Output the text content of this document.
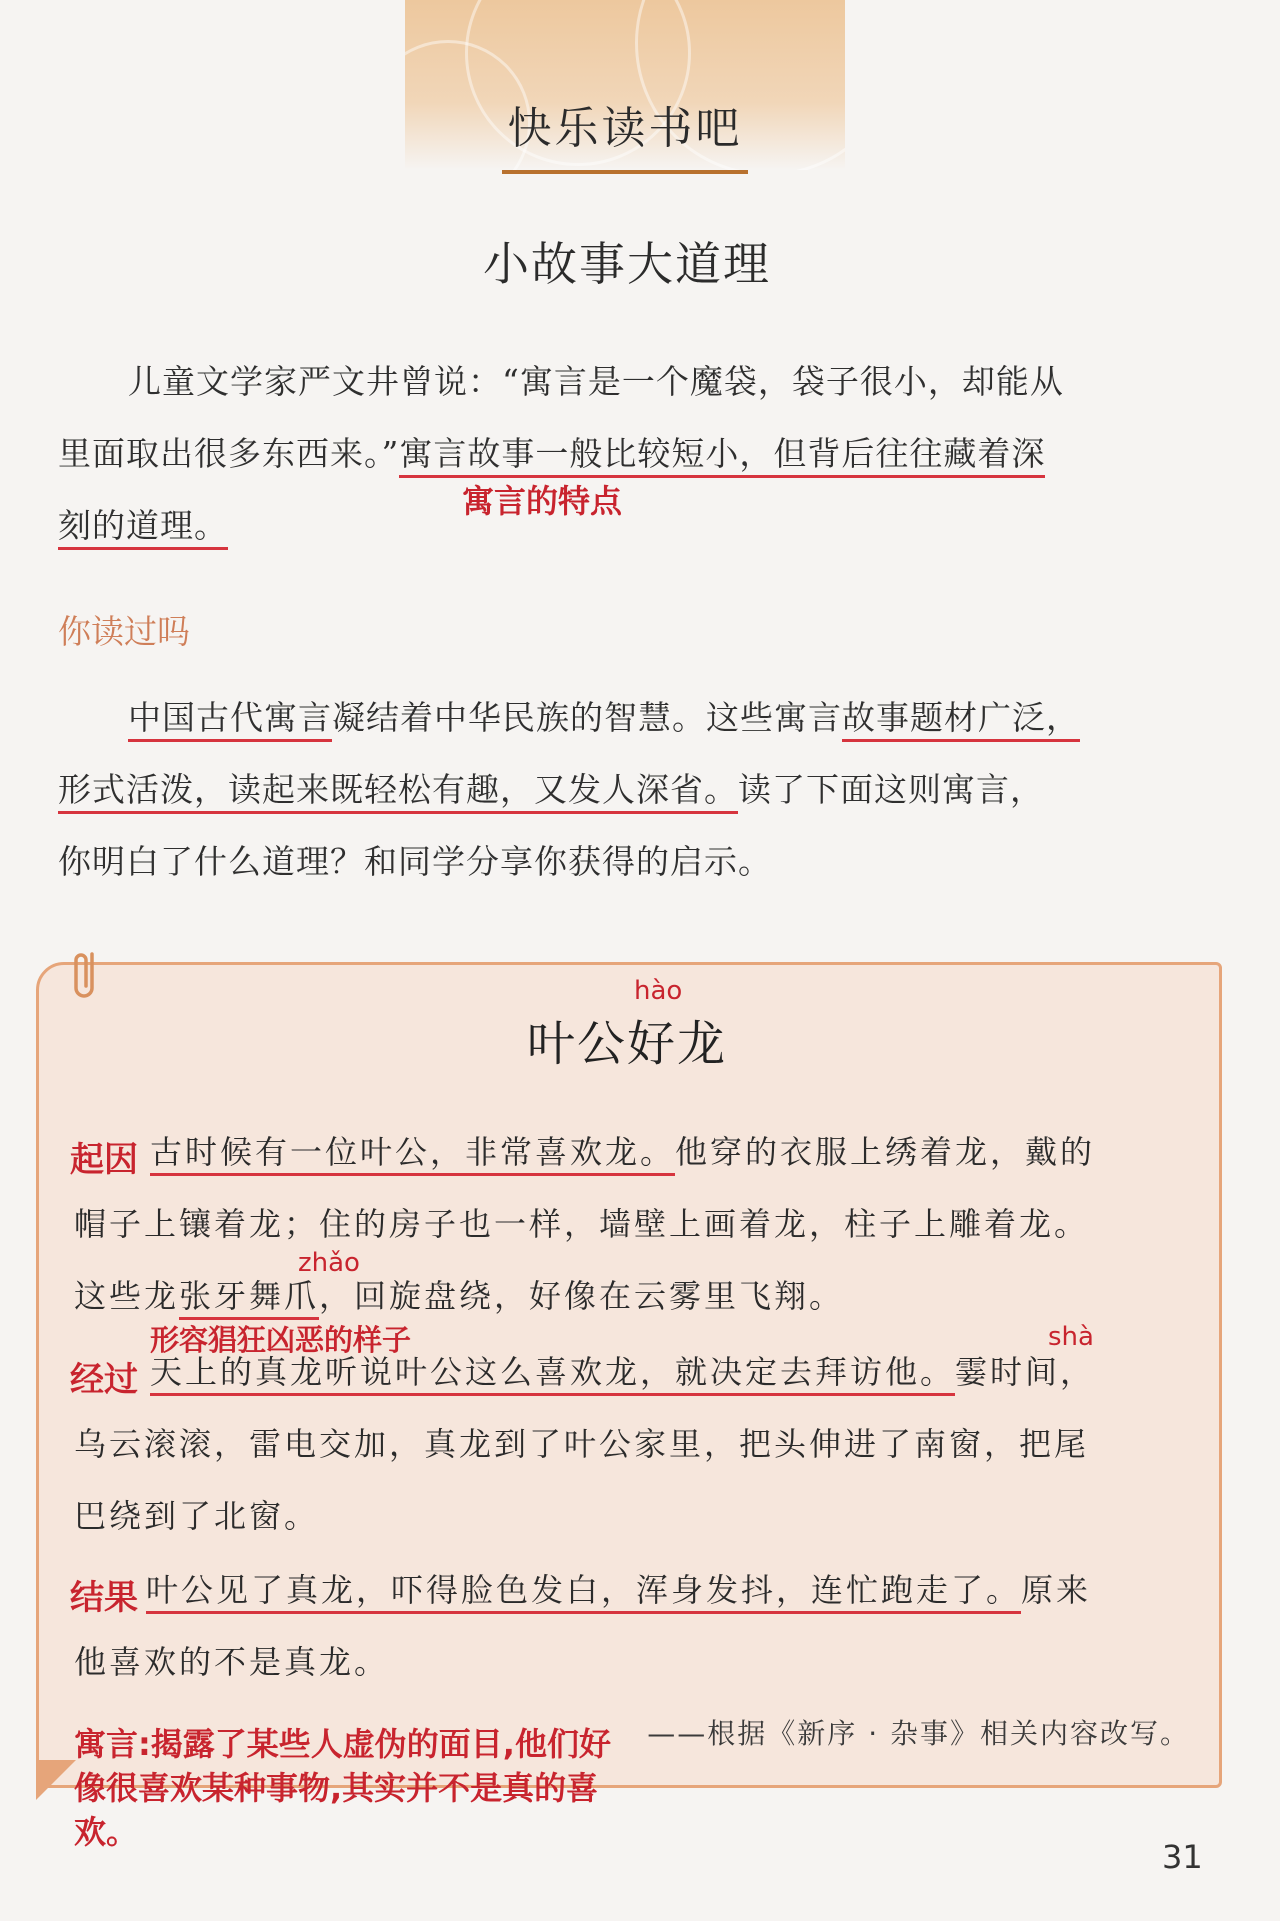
快乐读书吧
小故事大道理
儿童文学家严文井曾说：“寓言是一个魔袋，袋子很小，却能从
里面取出很多东西来。”寓言故事一般比较短小，但背后往往藏着深
刻的道理。
寓言的特点
你读过吗
中国古代寓言凝结着中华民族的智慧。这些寓言故事题材广泛，
形式活泼，读起来既轻松有趣，又发人深省。读了下面这则寓言，
你明白了什么道理？和同学分享你获得的启示。
hào
叶公好龙
起因 古时候有一位叶公，非常喜欢龙。他穿的衣服上绣着龙，戴的
帽子上镶着龙；住的房子也一样，墙壁上画着龙，柱子上雕着龙。
zhǎo
这些龙张牙舞爪，回旋盘绕，好像在云雾里飞翔。
形容猖狂凶恶的样子
经过
shà
天上的真龙听说叶公这么喜欢龙，就决定去拜访他。霎时间，
乌云滚滚，雷电交加，真龙到了叶公家里，把头伸进了南窗，把尾
巴绕到了北窗。
结果 叶公见了真龙，吓得脸色发白，浑身发抖，连忙跑走了。原来
他喜欢的不是真龙。
——根据《新序 · 杂事》相关内容改写。
寓言:揭露了某些人虚伪的面目,他们好像很喜欢某种事物,其实并不是真的喜欢。
31
